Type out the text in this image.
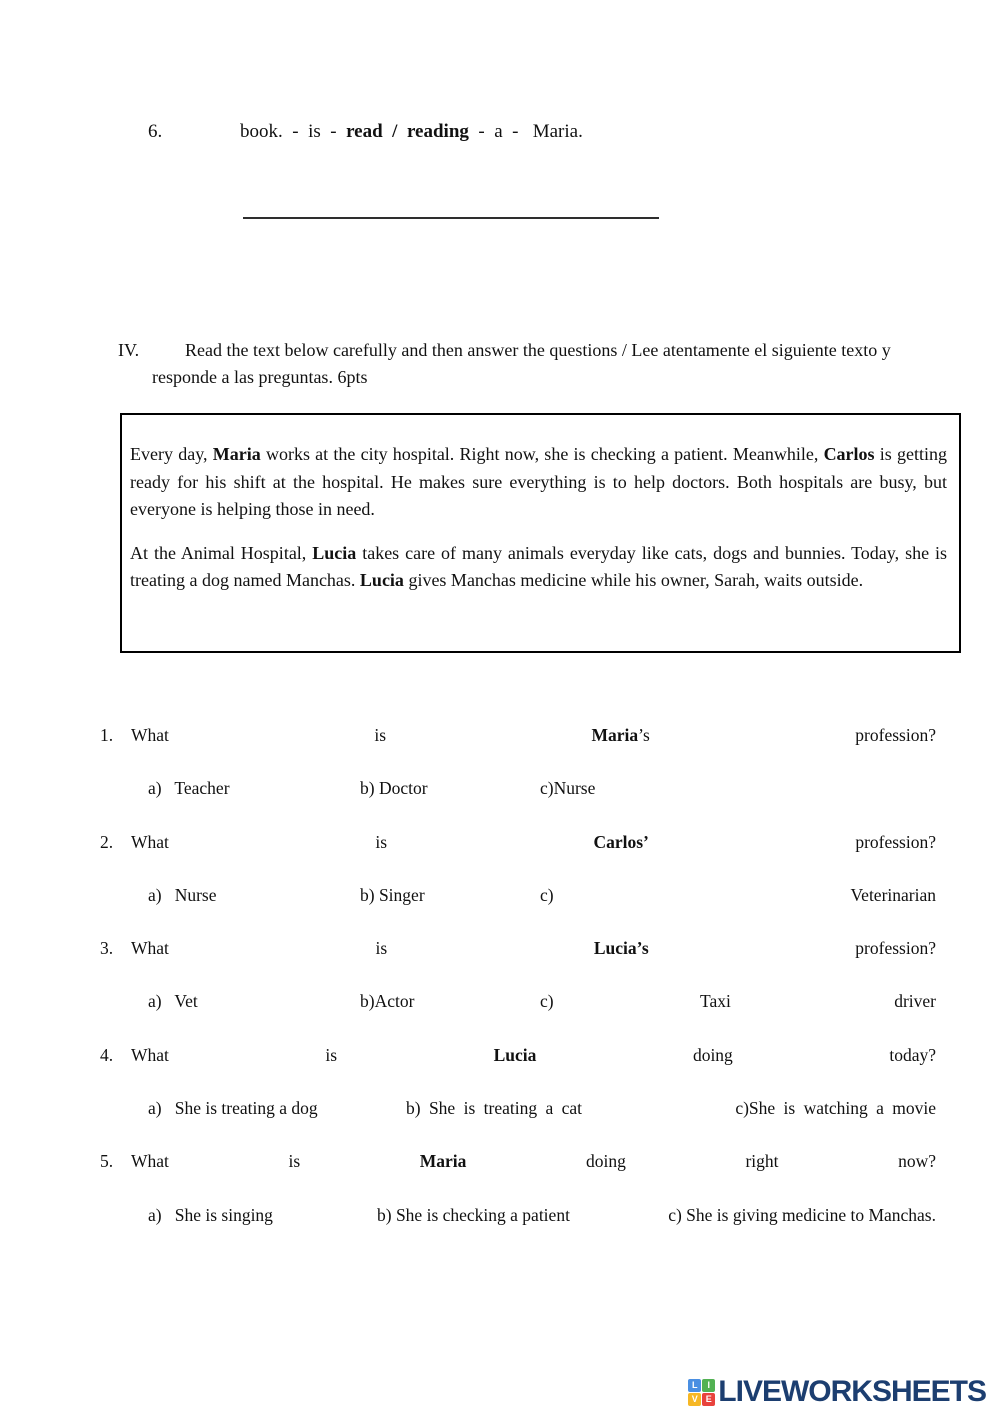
6.	book.  -  is  -  read  /  reading  -  a  -   Maria.
IV.	Read the text below carefully and then answer the questions / Lee atentamente el siguiente texto y responde a las preguntas. 6pts

Every day, Maria works at the city hospital. Right now, she is checking a patient. Meanwhile, Carlos is getting ready for his shift at the hospital. He makes sure everything is to help doctors. Both hospitals are busy, but everyone is helping those in need.

At the Animal Hospital, Lucia takes care of many animals everyday like cats, dogs and bunnies. Today, she is treating a dog named Manchas. Lucia gives Manchas medicine while his owner, Sarah, waits outside.

1.	What	is	Maria’s	profession?
a)   Teacher	b) Doctor	c)Nurse
2.	What	is	Carlos’	profession?
a)   Nurse	b) Singer	c)	Veterinarian
3.	What	is	Lucia’s	profession?
a)   Vet	b)Actor	c)	Taxi	driver
4.	What	is	Lucia	doing	today?
a)   She is treating a dog	b) She is treating a cat	c)She is watching a movie
5.	What	is	Maria	doing	right	now?
a)   She is singing	b) She is checking a patient	c) She is giving medicine to Manchas.
L	I
V E LIVEWORKSHEETS
